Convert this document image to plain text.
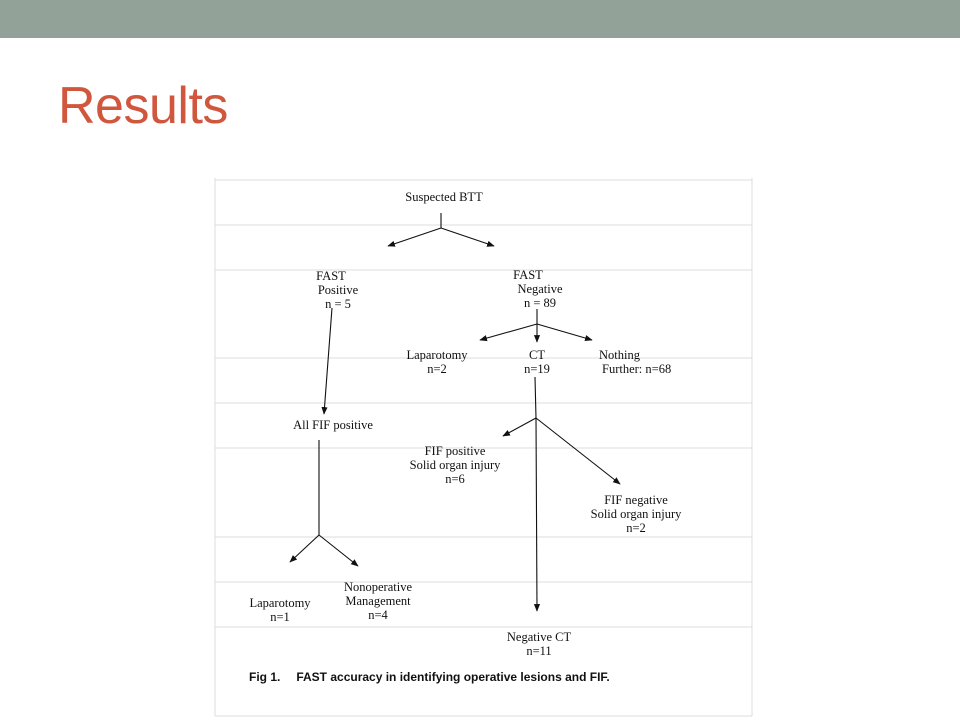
Results
Suspected BTT
FAST
Positive
n = 5
FAST
Negative
n = 89
Laparotomy
n=2
CT
n=19
Nothing
Further: n=68
All FIF positive
FIF positive
Solid organ injury
n=6
FIF negative
Solid organ injury
n=2
Laparotomy
n=1
Nonoperative
Management
n=4
Negative CT
n=11
Fig 1. FAST accuracy in identifying operative lesions and FIF.
